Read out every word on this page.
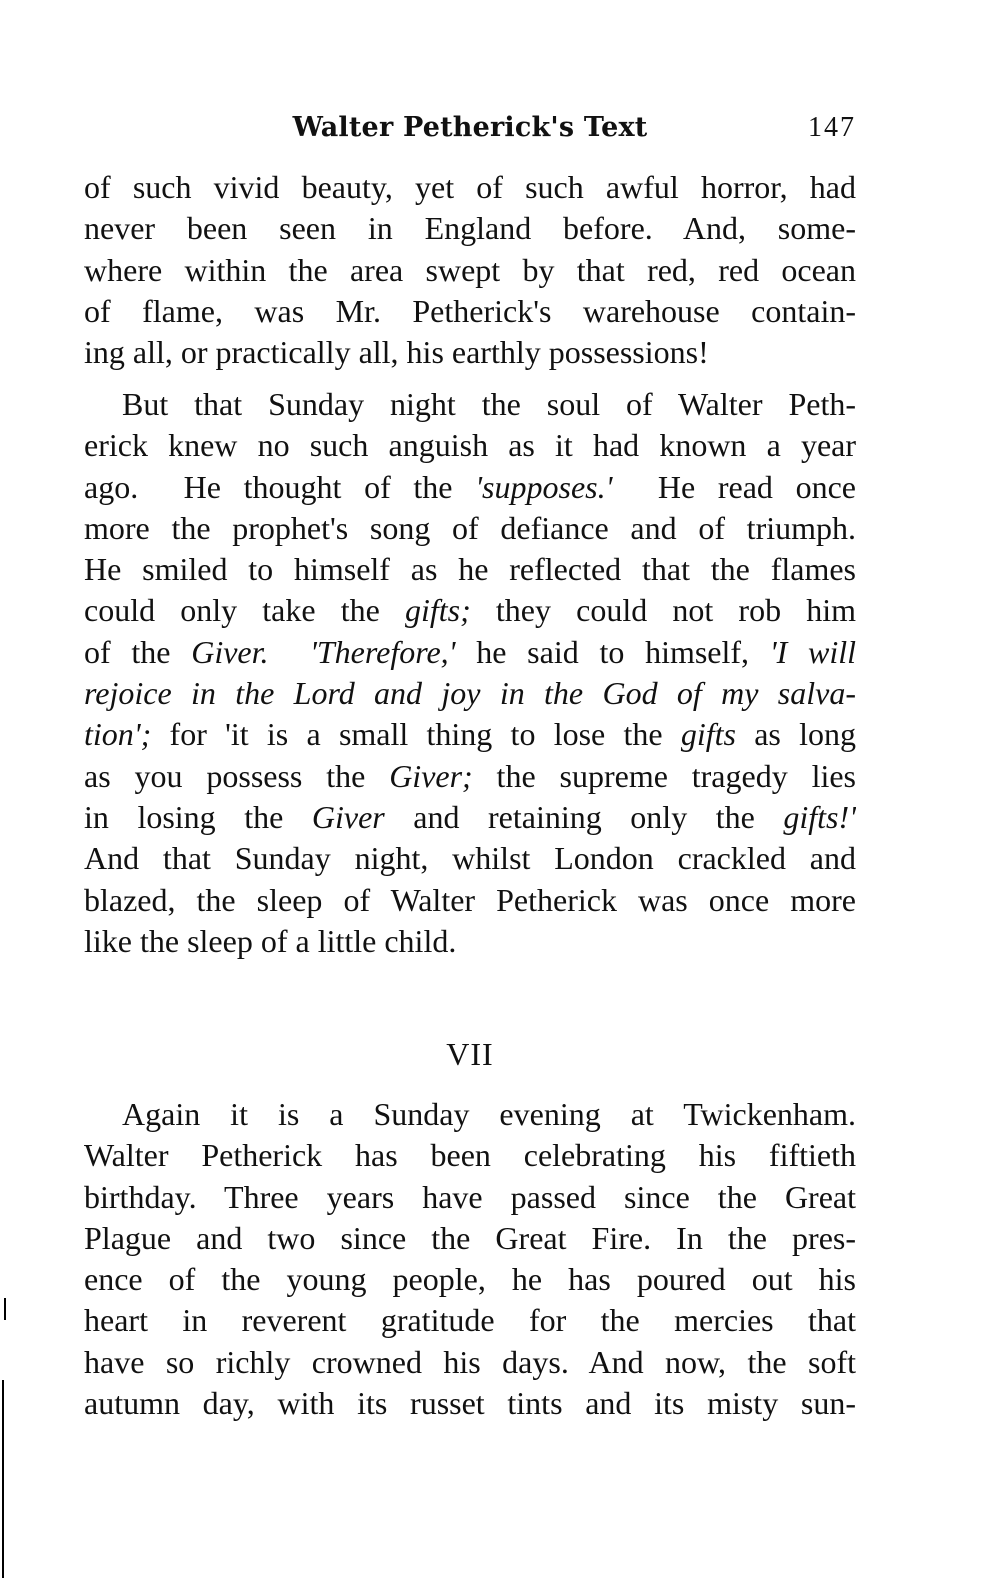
Walter Petherick's Text	147
of such vivid beauty, yet of such awful horror, had
never been seen in England before. And, some-
where within the area swept by that red, red ocean
of flame, was Mr. Petherick's warehouse contain-
ing all, or practically all, his earthly possessions!
But that Sunday night the soul of Walter Peth-
erick knew no such anguish as it had known a year
ago.  He thought of the 'supposes.'  He read once
more the prophet's song of defiance and of triumph.
He smiled to himself as he reflected that the flames
could only take the gifts; they could not rob him
of the Giver. 'Therefore,' he said to himself, 'I will
rejoice in the Lord and joy in the God of my salva-
tion'; for 'it is a small thing to lose the gifts as long
as you possess the Giver; the supreme tragedy lies
in losing the Giver and retaining only the gifts!'
And that Sunday night, whilst London crackled and
blazed, the sleep of Walter Petherick was once more
like the sleep of a little child.
VII
Again it is a Sunday evening at Twickenham.
Walter Petherick has been celebrating his fiftieth
birthday. Three years have passed since the Great
Plague and two since the Great Fire. In the pres-
ence of the young people, he has poured out his
heart in reverent gratitude for the mercies that
have so richly crowned his days. And now, the soft
autumn day, with its russet tints and its misty sun-
